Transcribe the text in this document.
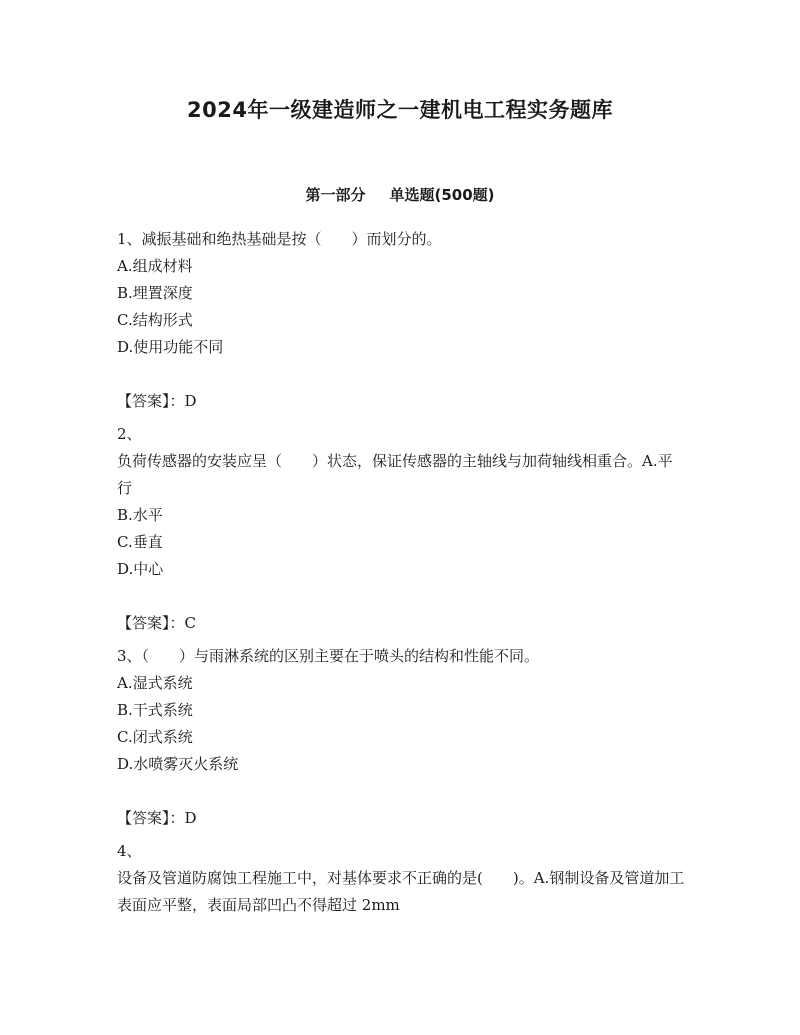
2024年一级建造师之一建机电工程实务题库
第一部分 单选题(500题)
1、减振基础和绝热基础是按（　　）而划分的。
A.组成材料
B.埋置深度
C.结构形式
D.使用功能不同
【答案】：D
2、
负荷传感器的安装应呈（　　）状态，保证传感器的主轴线与加荷轴线相重合。A.平行
B.水平
C.垂直
D.中心
【答案】：C
3、（　　）与雨淋系统的区别主要在于喷头的结构和性能不同。
A.湿式系统
B.干式系统
C.闭式系统
D.水喷雾灭火系统
【答案】：D
4、
设备及管道防腐蚀工程施工中，对基体要求不正确的是(　　)。A.钢制设备及管道加工表面应平整，表面局部凹凸不得超过 2mm
